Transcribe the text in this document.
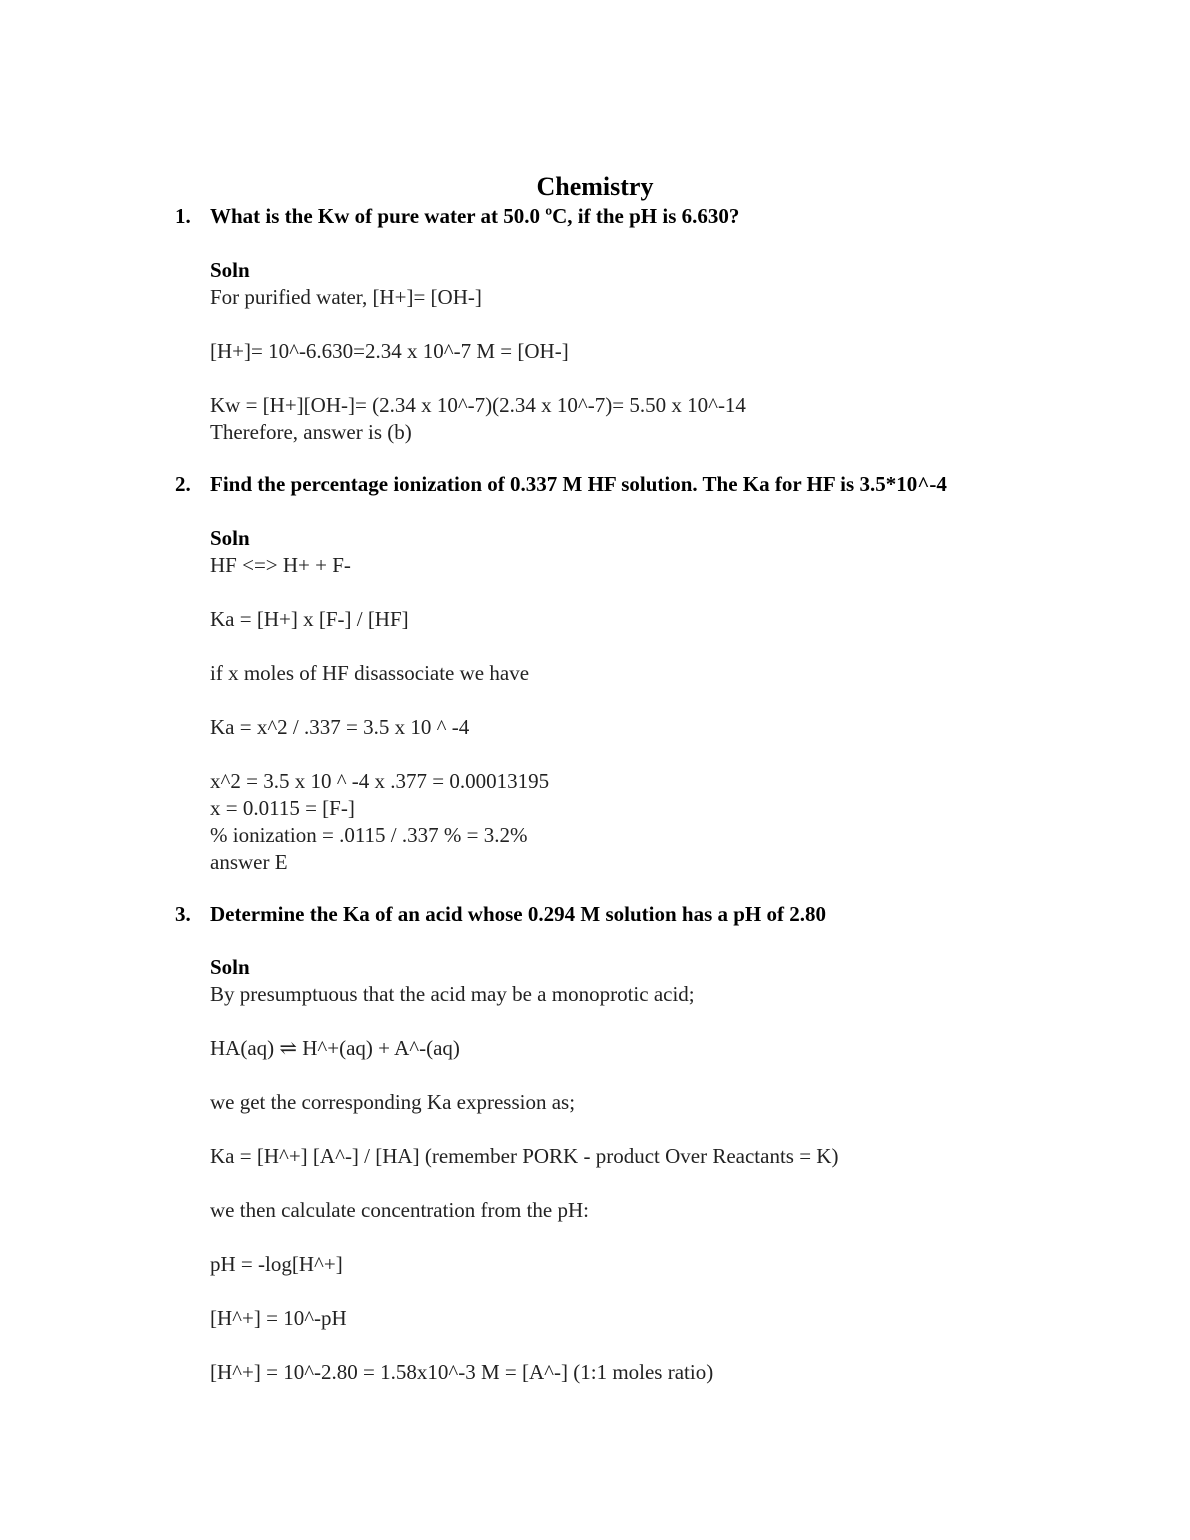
Chemistry
1. What is the Kw of pure water at 50.0 ºC, if the pH is 6.630?
Soln
For purified water, [H+]= [OH-]
[H+]= 10^-6.630=2.34 x 10^-7 M = [OH-]
Kw = [H+][OH-]= (2.34 x 10^-7)(2.34 x 10^-7)= 5.50 x 10^-14
Therefore, answer is (b)
2. Find the percentage ionization of 0.337 M HF solution. The Ka for HF is 3.5*10^-4
Soln
HF <=> H+ + F-
Ka = [H+] x [F-] / [HF]
if x moles of HF disassociate we have
Ka = x^2 / .337 = 3.5 x 10 ^ -4
x^2 = 3.5 x 10 ^ -4 x .377 = 0.00013195
x = 0.0115 = [F-]
% ionization = .0115 / .337 % = 3.2%
answer E
3. Determine the Ka of an acid whose 0.294 M solution has a pH of 2.80
Soln
By presumptuous that the acid may be a monoprotic acid;
HA(aq) ⇌ H^+(aq) + A^-(aq)
we get the corresponding Ka expression as;
Ka = [H^+] [A^-] / [HA] (remember PORK - product Over Reactants = K)
we then calculate concentration from the pH:
pH = -log[H^+]
[H^+] = 10^-pH
[H^+] = 10^-2.80 = 1.58x10^-3 M = [A^-] (1:1 moles ratio)
